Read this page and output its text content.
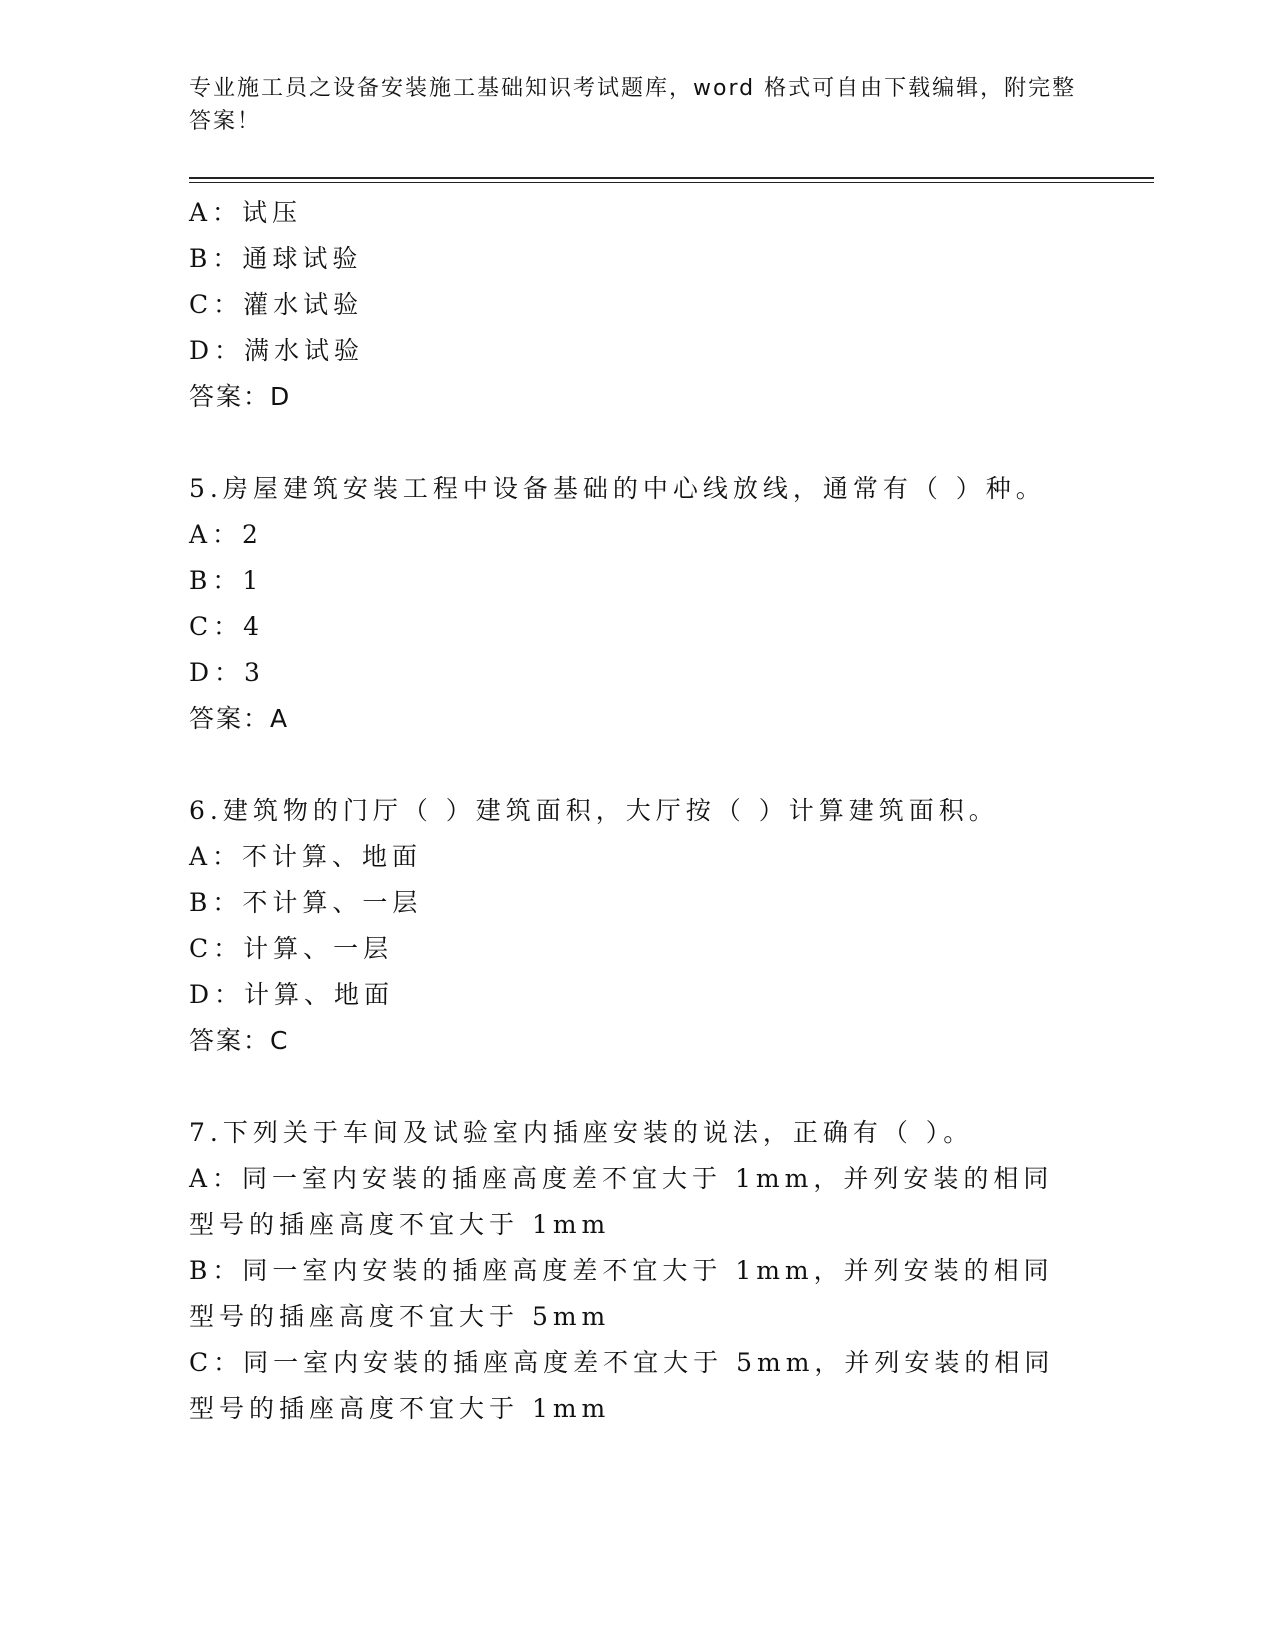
专业施工员之设备安装施工基础知识考试题库，word 格式可自由下载编辑，附完整答案！
A：试压
B：通球试验
C：灌水试验
D：满水试验
答案：D
5.房屋建筑安装工程中设备基础的中心线放线，通常有（ ）种。
A：2
B：1
C：4
D：3
答案：A
6.建筑物的门厅（ ）建筑面积，大厅按（ ）计算建筑面积。
A：不计算、地面
B：不计算、一层
C：计算、一层
D：计算、地面
答案：C
7.下列关于车间及试验室内插座安装的说法，正确有（ ）。
A：同一室内安装的插座高度差不宜大于 1mm，并列安装的相同型号的插座高度不宜大于 1mm
B：同一室内安装的插座高度差不宜大于 1mm，并列安装的相同型号的插座高度不宜大于 5mm
C：同一室内安装的插座高度差不宜大于 5mm，并列安装的相同型号的插座高度不宜大于 1mm
